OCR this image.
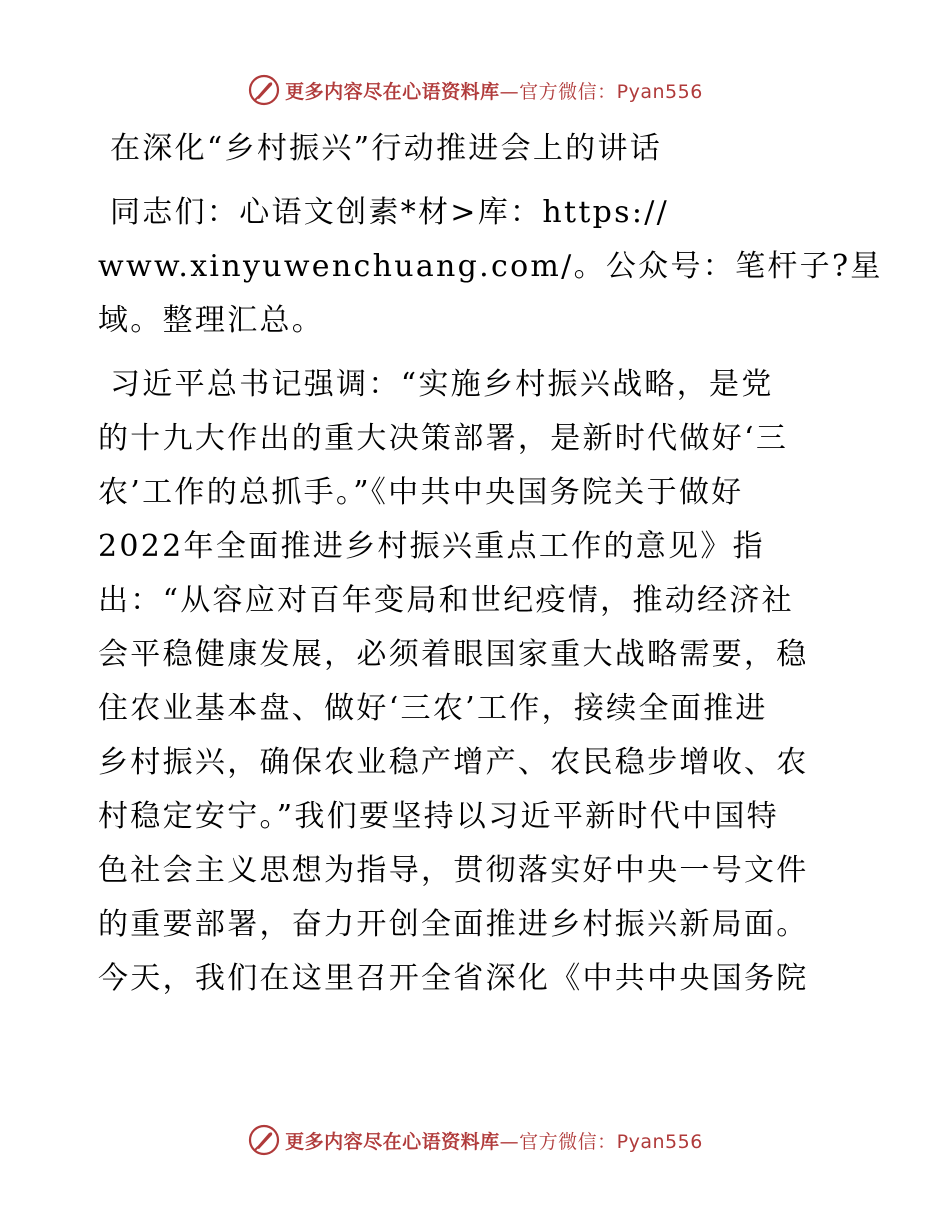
更多内容尽在心语资料库—官方微信：Pyan556
在深化“乡村振兴”行动推进会上的讲话
同志们：心语文创素*材>库：https://
www.xinyuwenchuang.com/。公众号：笔杆子?星
域。整理汇总。
习近平总书记强调：“实施乡村振兴战略，是党
的十九大作出的重大决策部署，是新时代做好‘三
农’工作的总抓手。”《中共中央国务院关于做好
2022年全面推进乡村振兴重点工作的意见》指
出：“从容应对百年变局和世纪疫情，推动经济社
会平稳健康发展，必须着眼国家重大战略需要，稳
住农业基本盘、做好‘三农’工作，接续全面推进
乡村振兴，确保农业稳产增产、农民稳步增收、农
村稳定安宁。”我们要坚持以习近平新时代中国特
色社会主义思想为指导，贯彻落实好中央一号文件
的重要部署，奋力开创全面推进乡村振兴新局面。
今天，我们在这里召开全省深化《中共中央国务院
更多内容尽在心语资料库—官方微信：Pyan556
